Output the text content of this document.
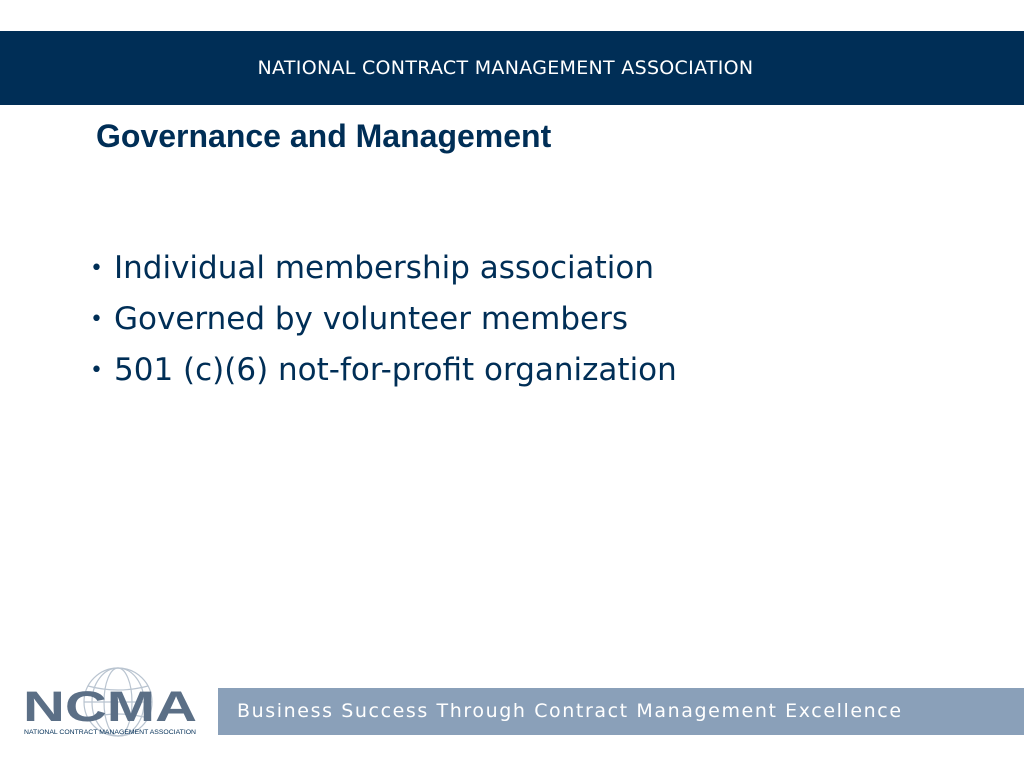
NATIONAL CONTRACT MANAGEMENT ASSOCIATION
Governance and Management
• Individual membership association
• Governed by volunteer members
• 501 (c)(6) not-for-profit organization
NCMA
NATIONAL CONTRACT MANAGEMENT ASSOCIATION
Business Success Through Contract Management Excellence
